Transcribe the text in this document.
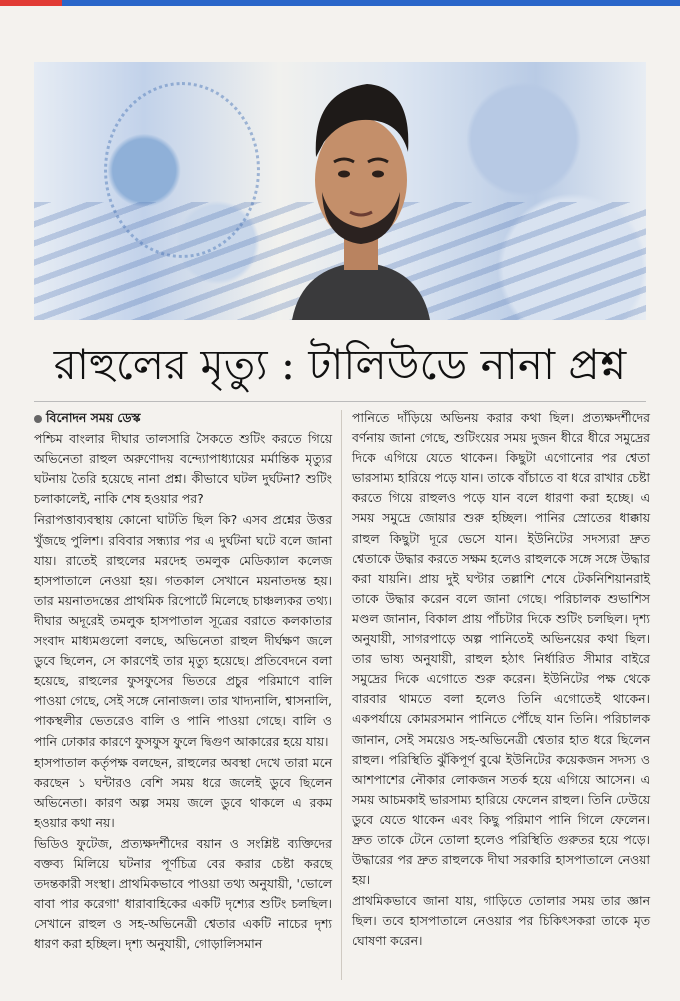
রাহুলের মৃত্যু : টালিউডে নানা প্রশ্ন

বিনোদন সময় ডেস্ক

পশ্চিম বাংলার দীঘার তালসারি সৈকতে শুটিং করতে গিয়ে অভিনেতা রাহুল অরুণোদয় বন্দ্যোপাধ্যায়ের মর্মান্তিক মৃত্যুর ঘটনায় তৈরি হয়েছে নানা প্রশ্ন। কীভাবে ঘটল দুর্ঘটনা? শুটিং চলাকালেই, নাকি শেষ হওয়ার পর?

নিরাপত্তাব্যবস্থায় কোনো ঘাটতি ছিল কি? এসব প্রশ্নের উত্তর খুঁজছে পুলিশ। রবিবার সন্ধ্যার পর এ দুর্ঘটনা ঘটে বলে জানা যায়। রাতেই রাহুলের মরদেহ তমলুক মেডিক্যাল কলেজ হাসপাতালে নেওয়া হয়। গতকাল সেখানে ময়নাতদন্ত হয়। তার ময়নাতদন্তের প্রাথমিক রিপোর্টে মিলেছে চাঞ্চল্যকর তথ্য। দীঘার অদূরেই তমলুক হাসপাতাল সূত্রের বরাতে কলকাতার সংবাদ মাধ্যমগুলো বলছে, অভিনেতা রাহুল দীর্ঘক্ষণ জলে ডুবে ছিলেন, সে কারণেই তার মৃত্যু হয়েছে। প্রতিবেদনে বলা হয়েছে, রাহুলের ফুসফুসের ভিতরে প্রচুর পরিমাণে বালি পাওয়া গেছে, সেই সঙ্গে নোনাজল। তার খাদ্যনালি, শ্বাসনালি, পাকস্থলীর ভেতরেও বালি ও পানি পাওয়া গেছে। বালি ও পানি ঢোকার কারণে ফুসফুস ফুলে দ্বিগুণ আকারের হয়ে যায়।

হাসপাতাল কর্তৃপক্ষ বলছেন, রাহুলের অবস্থা দেখে তারা মনে করছেন ১ ঘন্টারও বেশি সময় ধরে জলেই ডুবে ছিলেন অভিনেতা। কারণ অল্প সময় জলে ডুবে থাকলে এ রকম হওয়ার কথা নয়।

ভিডিও ফুটেজ, প্রত্যক্ষদর্শীদের বয়ান ও সংশ্লিষ্ট ব্যক্তিদের বক্তব্য মিলিয়ে ঘটনার পূর্ণচিত্র বের করার চেষ্টা করছে তদন্তকারী সংস্থা। প্রাথমিকভাবে পাওয়া তথ্য অনুযায়ী, 'ভোলে বাবা পার করেগা' ধারাবাহিকের একটি দৃশ্যের শুটিং চলছিল। সেখানে রাহুল ও সহ-অভিনেত্রী শ্বেতার একটি নাচের দৃশ্য ধারণ করা হচ্ছিল। দৃশ্য অনুযায়ী, গোড়ালিসমান

পানিতে দাঁড়িয়ে অভিনয় করার কথা ছিল। প্রত্যক্ষদর্শীদের বর্ণনায় জানা গেছে, শুটিংয়ের সময় দুজন ধীরে ধীরে সমুদ্রের দিকে এগিয়ে যেতে থাকেন। কিছুটা এগোনোর পর শ্বেতা ভারসাম্য হারিয়ে পড়ে যান। তাকে বাঁচাতে বা ধরে রাখার চেষ্টা করতে গিয়ে রাহুলও পড়ে যান বলে ধারণা করা হচ্ছে। এ সময় সমুদ্রে জোয়ার শুরু হচ্ছিল। পানির স্রোতের ধাক্কায় রাহুল কিছুটা দূরে ভেসে যান। ইউনিটের সদস্যরা দ্রুত শ্বেতাকে উদ্ধার করতে সক্ষম হলেও রাহুলকে সঙ্গে সঙ্গে উদ্ধার করা যায়নি। প্রায় দুই ঘণ্টার তল্লাশি শেষে টেকনিশিয়ানরাই তাকে উদ্ধার করেন বলে জানা গেছে। পরিচালক শুভাশিস মণ্ডল জানান, বিকাল প্রায় পাঁচটার দিকে শুটিং চলছিল। দৃশ্য অনুযায়ী, সাগরপাড়ে অল্প পানিতেই অভিনয়ের কথা ছিল। তার ভাষ্য অনুযায়ী, রাহুল হঠাৎ নির্ধারিত সীমার বাইরে সমুদ্রের দিকে এগোতে শুরু করেন। ইউনিটের পক্ষ থেকে বারবার থামতে বলা হলেও তিনি এগোতেই থাকেন। একপর্যায়ে কোমরসমান পানিতে পৌঁছে যান তিনি। পরিচালক জানান, সেই সময়েও সহ-অভিনেত্রী শ্বেতার হাত ধরে ছিলেন রাহুল। পরিস্থিতি ঝুঁকিপূর্ণ বুঝে ইউনিটের কয়েকজন সদস্য ও আশপাশের নৌকার লোকজন সতর্ক হয়ে এগিয়ে আসেন। এ সময় আচমকাই ভারসাম্য হারিয়ে ফেলেন রাহুল। তিনি ঢেউয়ে ডুবে যেতে থাকেন এবং কিছু পরিমাণ পানি গিলে ফেলেন। দ্রুত তাকে টেনে তোলা হলেও পরিস্থিতি গুরুতর হয়ে পড়ে। উদ্ধারের পর দ্রুত রাহুলকে দীঘা সরকারি হাসপাতালে নেওয়া হয়।

প্রাথমিকভাবে জানা যায়, গাড়িতে তোলার সময় তার জ্ঞান ছিল। তবে হাসপাতালে নেওয়ার পর চিকিৎসকরা তাকে মৃত ঘোষণা করেন।
